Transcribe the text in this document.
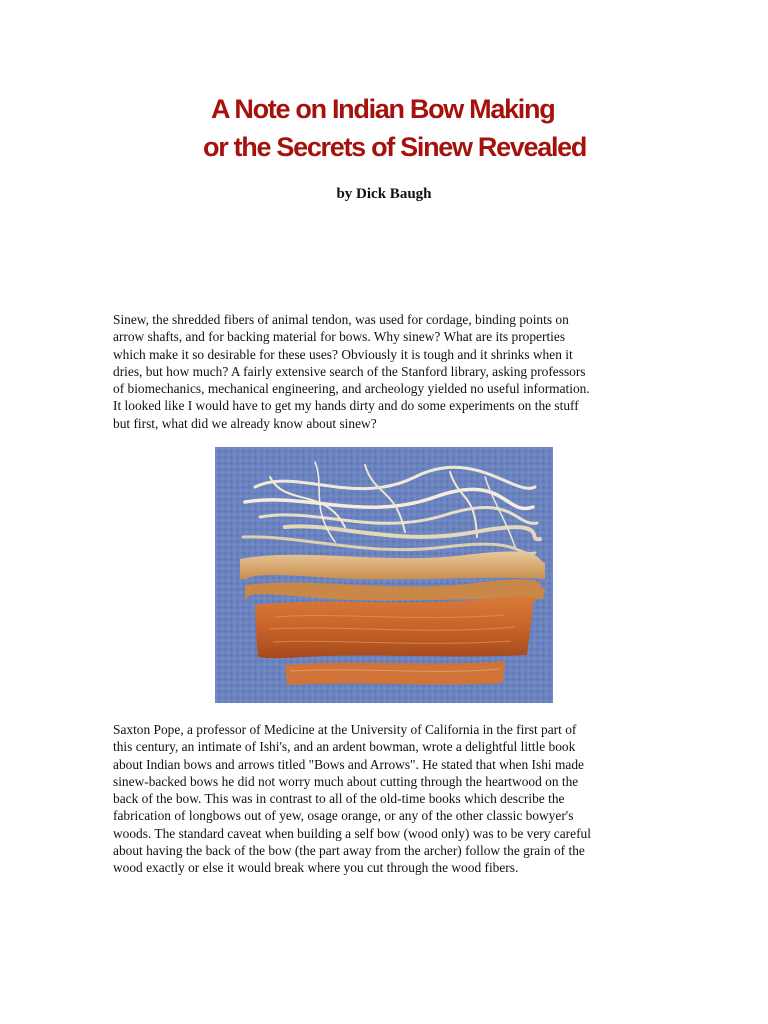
A Note on Indian Bow Making
or the Secrets of Sinew Revealed
by Dick Baugh

Sinew, the shredded fibers of animal tendon, was used for cordage, binding points on
arrow shafts, and for backing material for bows. Why sinew? What are its properties
which make it so desirable for these uses? Obviously it is tough and it shrinks when it
dries, but how much? A fairly extensive search of the Stanford library, asking professors
of biomechanics, mechanical engineering, and archeology yielded no useful information.
It looked like I would have to get my hands dirty and do some experiments on the stuff
but first, what did we already know about sinew?

Saxton Pope, a professor of Medicine at the University of California in the first part of
this century, an intimate of Ishi's, and an ardent bowman, wrote a delightful little book
about Indian bows and arrows titled "Bows and Arrows". He stated that when Ishi made
sinew-backed bows he did not worry much about cutting through the heartwood on the
back of the bow. This was in contrast to all of the old-time books which describe the
fabrication of longbows out of yew, osage orange, or any of the other classic bowyer's
woods. The standard caveat when building a self bow (wood only) was to be very careful
about having the back of the bow (the part away from the archer) follow the grain of the
wood exactly or else it would break where you cut through the wood fibers.
